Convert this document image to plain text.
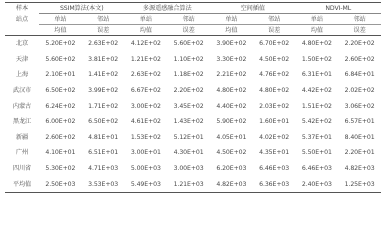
样本	SSIM算法(本文)		多源遥感融合算法		空间插值		NDVI-ML	
站点	单站	邻站	单站	邻站	单站	邻站	单站	邻站
	均值	误差	均值	误差	均值	误差	均值	误差
北京	5.20E+02	2.63E+02	4.12E+02	5.60E+02	3.90E+02	6.70E+02	4.80E+02	2.20E+02
天津	5.60E+02	3.81E+02	1.21E+02	1.10E+02	3.30E+02	4.50E+02	1.50E+02	2.60E+02
上海	2.10E+01	1.41E+02	2.63E+02	1.18E+02	2.21E+02	4.76E+02	6.31E+01	6.84E+01
武汉市	6.50E+02	3.99E+02	6.67E+02	2.20E+02	4.80E+02	4.80E+02	4.42E+02	2.02E+02
内蒙古	6.24E+02	1.71E+02	3.00E+02	3.45E+02	4.40E+02	2.03E+02	1.51E+02	3.06E+02
黑龙江	6.00E+02	6.50E+02	4.61E+02	1.43E+02	5.90E+02	1.60E+01	5.42E+02	6.57E+01
新疆	2.60E+02	4.81E+01	1.53E+02	5.12E+01	4.05E+01	4.02E+02	5.37E+01	8.40E+01
广州	4.10E+01	6.51E+01	3.00E+01	4.30E+01	4.50E+02	4.35E+01	5.50E+01	2.20E+01
四川省	5.30E+02	4.71E+03	5.00E+03	3.00E+03	6.20E+03	6.46E+03	6.46E+03	4.82E+03
平均值	2.50E+03	3.53E+03	5.49E+03	1.21E+03	4.82E+03	6.36E+03	2.40E+03	1.25E+03
